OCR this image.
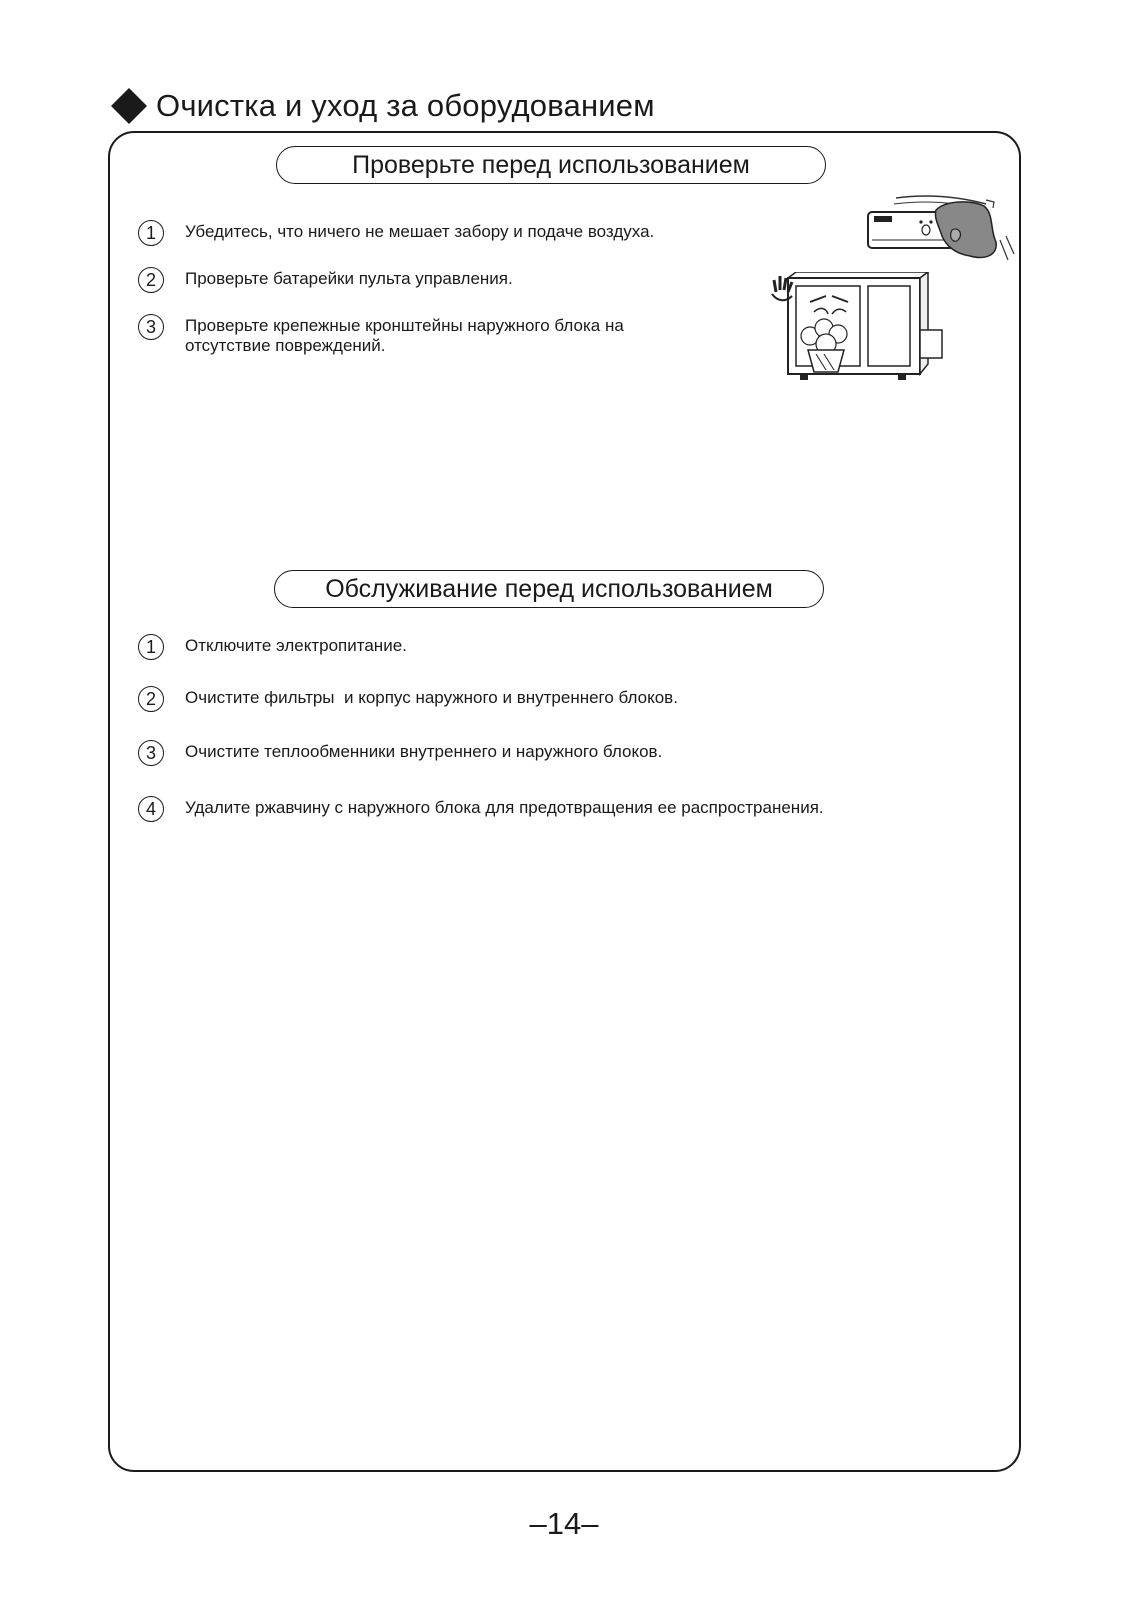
Очистка и уход за оборудованием
Проверьте перед использованием
1	Убедитесь, что ничего не мешает забору и подаче воздуха.
2	Проверьте батарейки пульта управления.
3	Проверьте крепежные кронштейны наружного блока на отсутствие повреждений.
Обслуживание перед использованием
1	Отключите электропитание.
2	Очистите фильтры  и корпус наружного и внутреннего блоков.
3	Очистите теплообменники внутреннего и наружного блоков.
4	Удалите ржавчину с наружного блока для предотвращения ее распространения.
–14–
